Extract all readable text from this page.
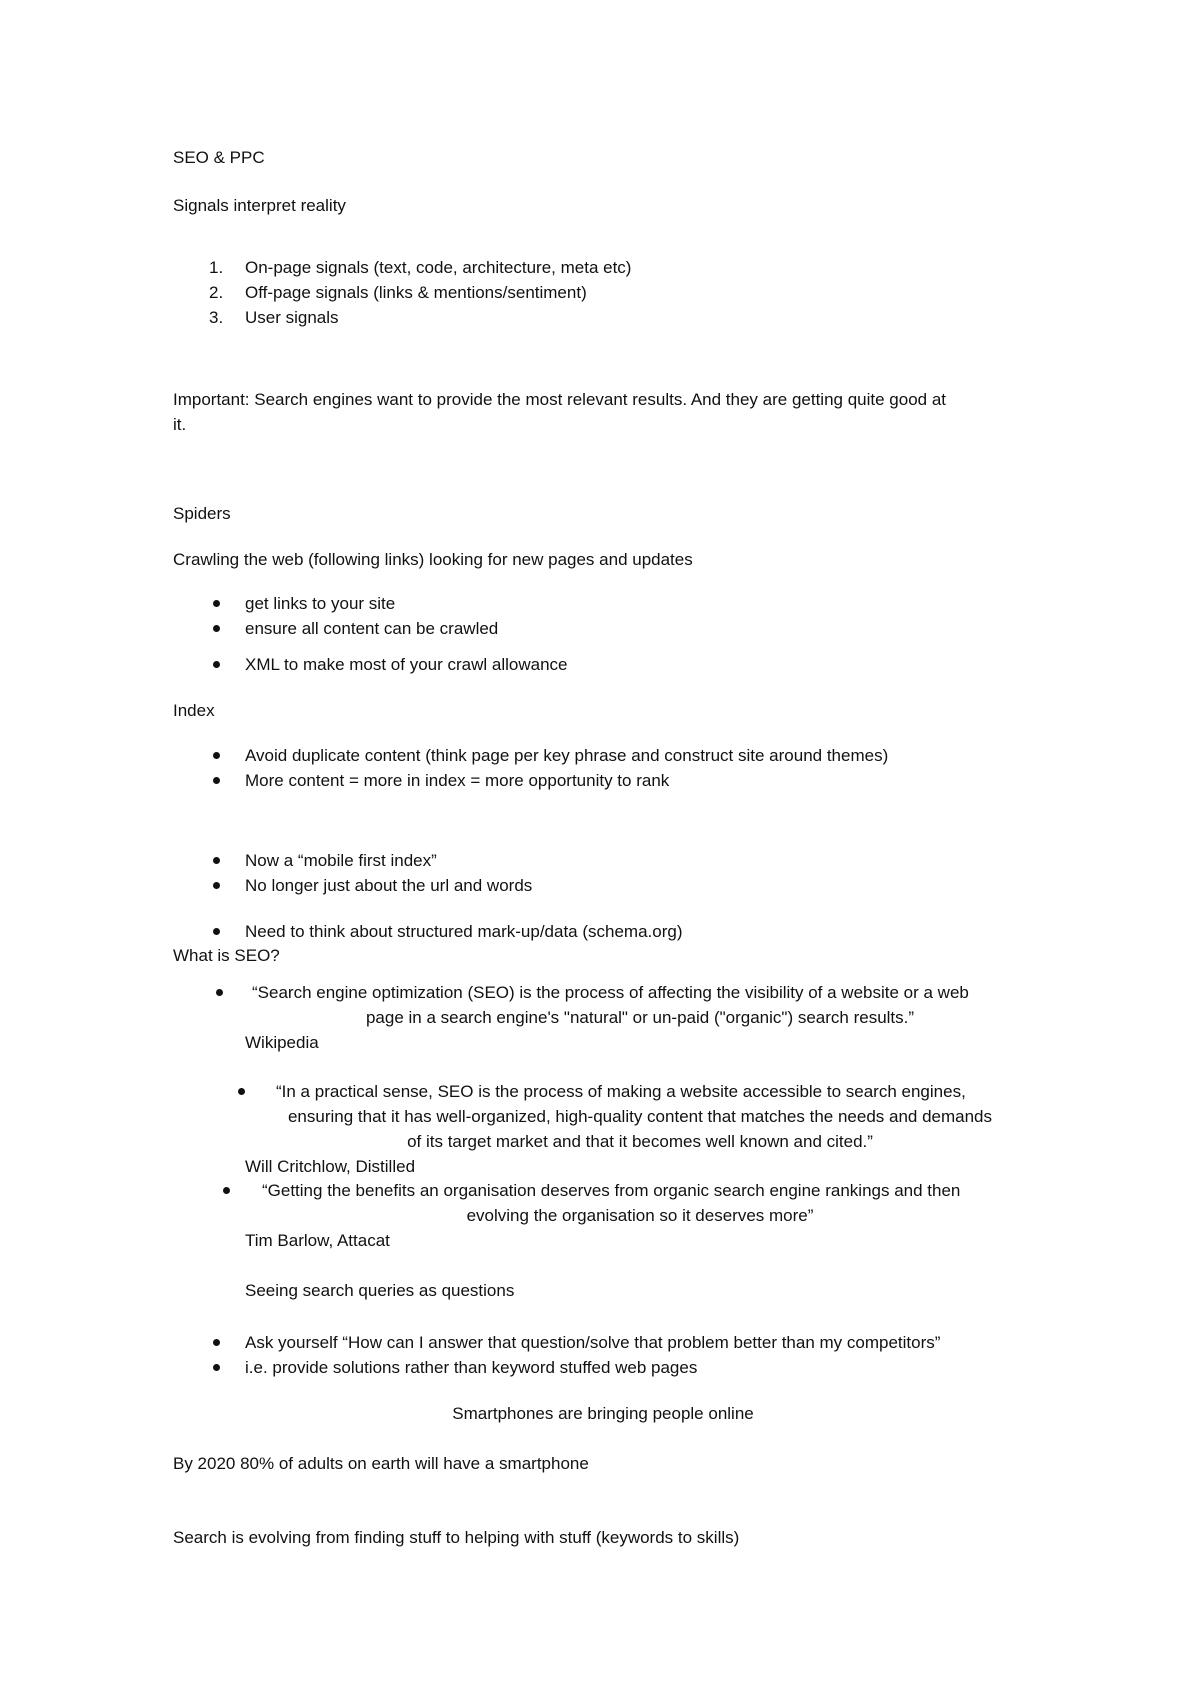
SEO & PPC
Signals interpret reality
1. On-page signals (text, code, architecture, meta etc)
2. Off-page signals (links & mentions/sentiment)
3. User signals
Important: Search engines want to provide the most relevant results. And they are getting quite good at
it.
Spiders
Crawling the web (following links) looking for new pages and updates
get links to your site
ensure all content can be crawled
XML to make most of your crawl allowance
Index
Avoid duplicate content (think page per key phrase and construct site around themes)
More content = more in index = more opportunity to rank
Now a “mobile first index”
No longer just about the url and words
Need to think about structured mark-up/data (schema.org)
What is SEO?
“Search engine optimization (SEO) is the process of affecting the visibility of a website or a web
page in a search engine's "natural" or un-paid ("organic") search results.”
Wikipedia
“In a practical sense, SEO is the process of making a website accessible to search engines,
ensuring that it has well-organized, high-quality content that matches the needs and demands
of its target market and that it becomes well known and cited.”
Will Critchlow, Distilled
“Getting the benefits an organisation deserves from organic search engine rankings and then
evolving the organisation so it deserves more”
Tim Barlow, Attacat
Seeing search queries as questions
Ask yourself “How can I answer that question/solve that problem better than my competitors”
i.e. provide solutions rather than keyword stuffed web pages
Smartphones are bringing people online
By 2020 80% of adults on earth will have a smartphone
Search is evolving from finding stuff to helping with stuff (keywords to skills)
